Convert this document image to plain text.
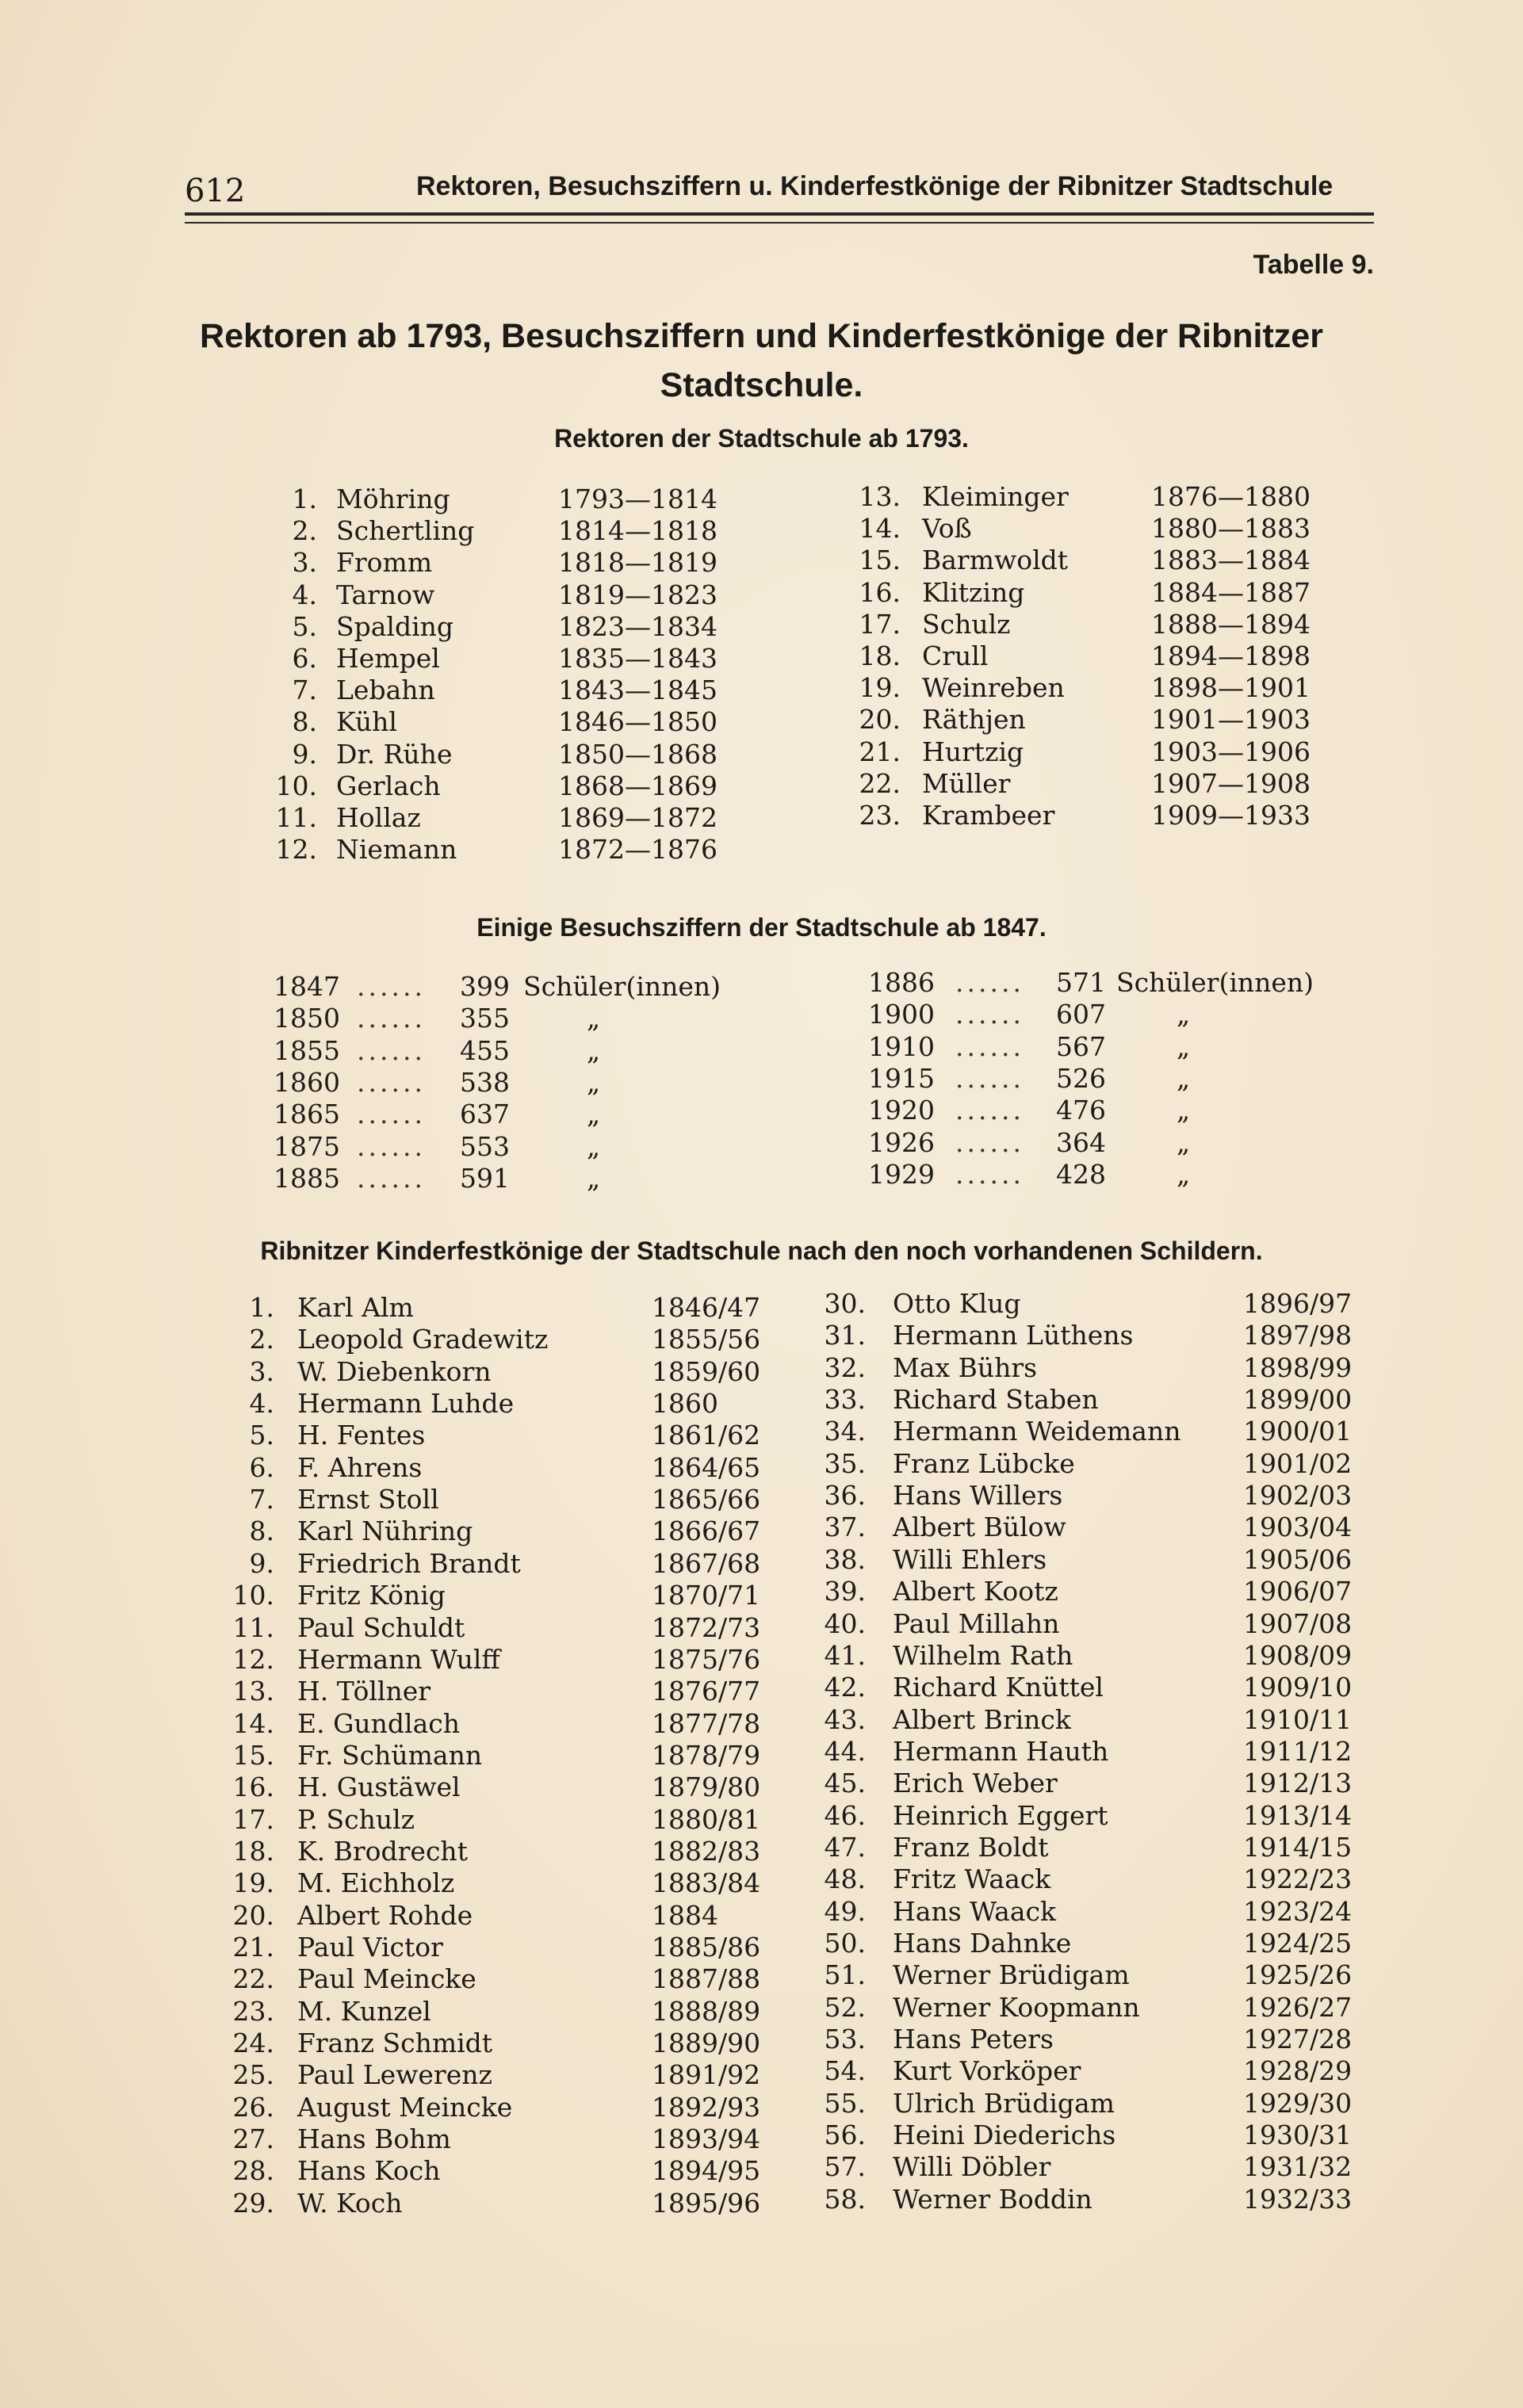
612	Rektoren, Besuchsziffern u. Kinderfestkönige der Ribnitzer Stadtschule
Tabelle 9.
Rektoren ab 1793, Besuchsziffern und Kinderfestkönige der Ribnitzer
Stadtschule.
Rektoren der Stadtschule ab 1793.
1. Möhring	1793—1814
2. Schertling	1814—1818
3. Fromm	1818—1819
4. Tarnow	1819—1823
5. Spalding	1823—1834
6. Hempel	1835—1843
7. Lebahn	1843—1845
8. Kühl	1846—1850
9. Dr. Rühe	1850—1868
10. Gerlach	1868—1869
11. Hollaz	1869—1872
12. Niemann	1872—1876
13. Kleiminger	1876—1880
14. Voß	1880—1883
15. Barmwoldt	1883—1884
16. Klitzing	1884—1887
17. Schulz	1888—1894
18. Crull	1894—1898
19. Weinreben	1898—1901
20. Räthjen	1901—1903
21. Hurtzig	1903—1906
22. Müller	1907—1908
23. Krambeer	1909—1933
Einige Besuchsziffern der Stadtschule ab 1847.
1847 ...... 399 Schüler(innen)
1850 ...... 355	„
1855 ...... 455	„
1860 ...... 538	„
1865 ...... 637	„
1875 ...... 553	„
1885 ...... 591	„
1886 ...... 571 Schüler(innen)
1900 ...... 607	„
1910 ...... 567	„
1915 ...... 526	„
1920 ...... 476	„
1926 ...... 364	„
1929 ...... 428	„
Ribnitzer Kinderfestkönige der Stadtschule nach den noch vorhandenen Schildern.
1. Karl Alm	1846/47
2. Leopold Gradewitz	1855/56
3. W. Diebenkorn	1859/60
4. Hermann Luhde	1860
5. H. Fentes	1861/62
6. F. Ahrens	1864/65
7. Ernst Stoll	1865/66
8. Karl Nühring	1866/67
9. Friedrich Brandt	1867/68
10. Fritz König	1870/71
11. Paul Schuldt	1872/73
12. Hermann Wulff	1875/76
13. H. Töllner	1876/77
14. E. Gundlach	1877/78
15. Fr. Schümann	1878/79
16. H. Gustäwel	1879/80
17. P. Schulz	1880/81
18. K. Brodrecht	1882/83
19. M. Eichholz	1883/84
20. Albert Rohde	1884
21. Paul Victor	1885/86
22. Paul Meincke	1887/88
23. M. Kunzel	1888/89
24. Franz Schmidt	1889/90
25. Paul Lewerenz	1891/92
26. August Meincke	1892/93
27. Hans Bohm	1893/94
28. Hans Koch	1894/95
29. W. Koch	1895/96
30. Otto Klug	1896/97
31. Hermann Lüthens	1897/98
32. Max Bührs	1898/99
33. Richard Staben	1899/00
34. Hermann Weidemann 1900/01
35. Franz Lübcke	1901/02
36. Hans Willers	1902/03
37. Albert Bülow	1903/04
38. Willi Ehlers	1905/06
39. Albert Kootz	1906/07
40. Paul Millahn	1907/08
41. Wilhelm Rath	1908/09
42. Richard Knüttel	1909/10
43. Albert Brinck	1910/11
44. Hermann Hauth	1911/12
45. Erich Weber	1912/13
46. Heinrich Eggert	1913/14
47. Franz Boldt	1914/15
48. Fritz Waack	1922/23
49. Hans Waack	1923/24
50. Hans Dahnke	1924/25
51. Werner Brüdigam	1925/26
52. Werner Koopmann	1926/27
53. Hans Peters	1927/28
54. Kurt Vorköper	1928/29
55. Ulrich Brüdigam	1929/30
56. Heini Diederichs	1930/31
57. Willi Döbler	1931/32
58. Werner Boddin	1932/33
